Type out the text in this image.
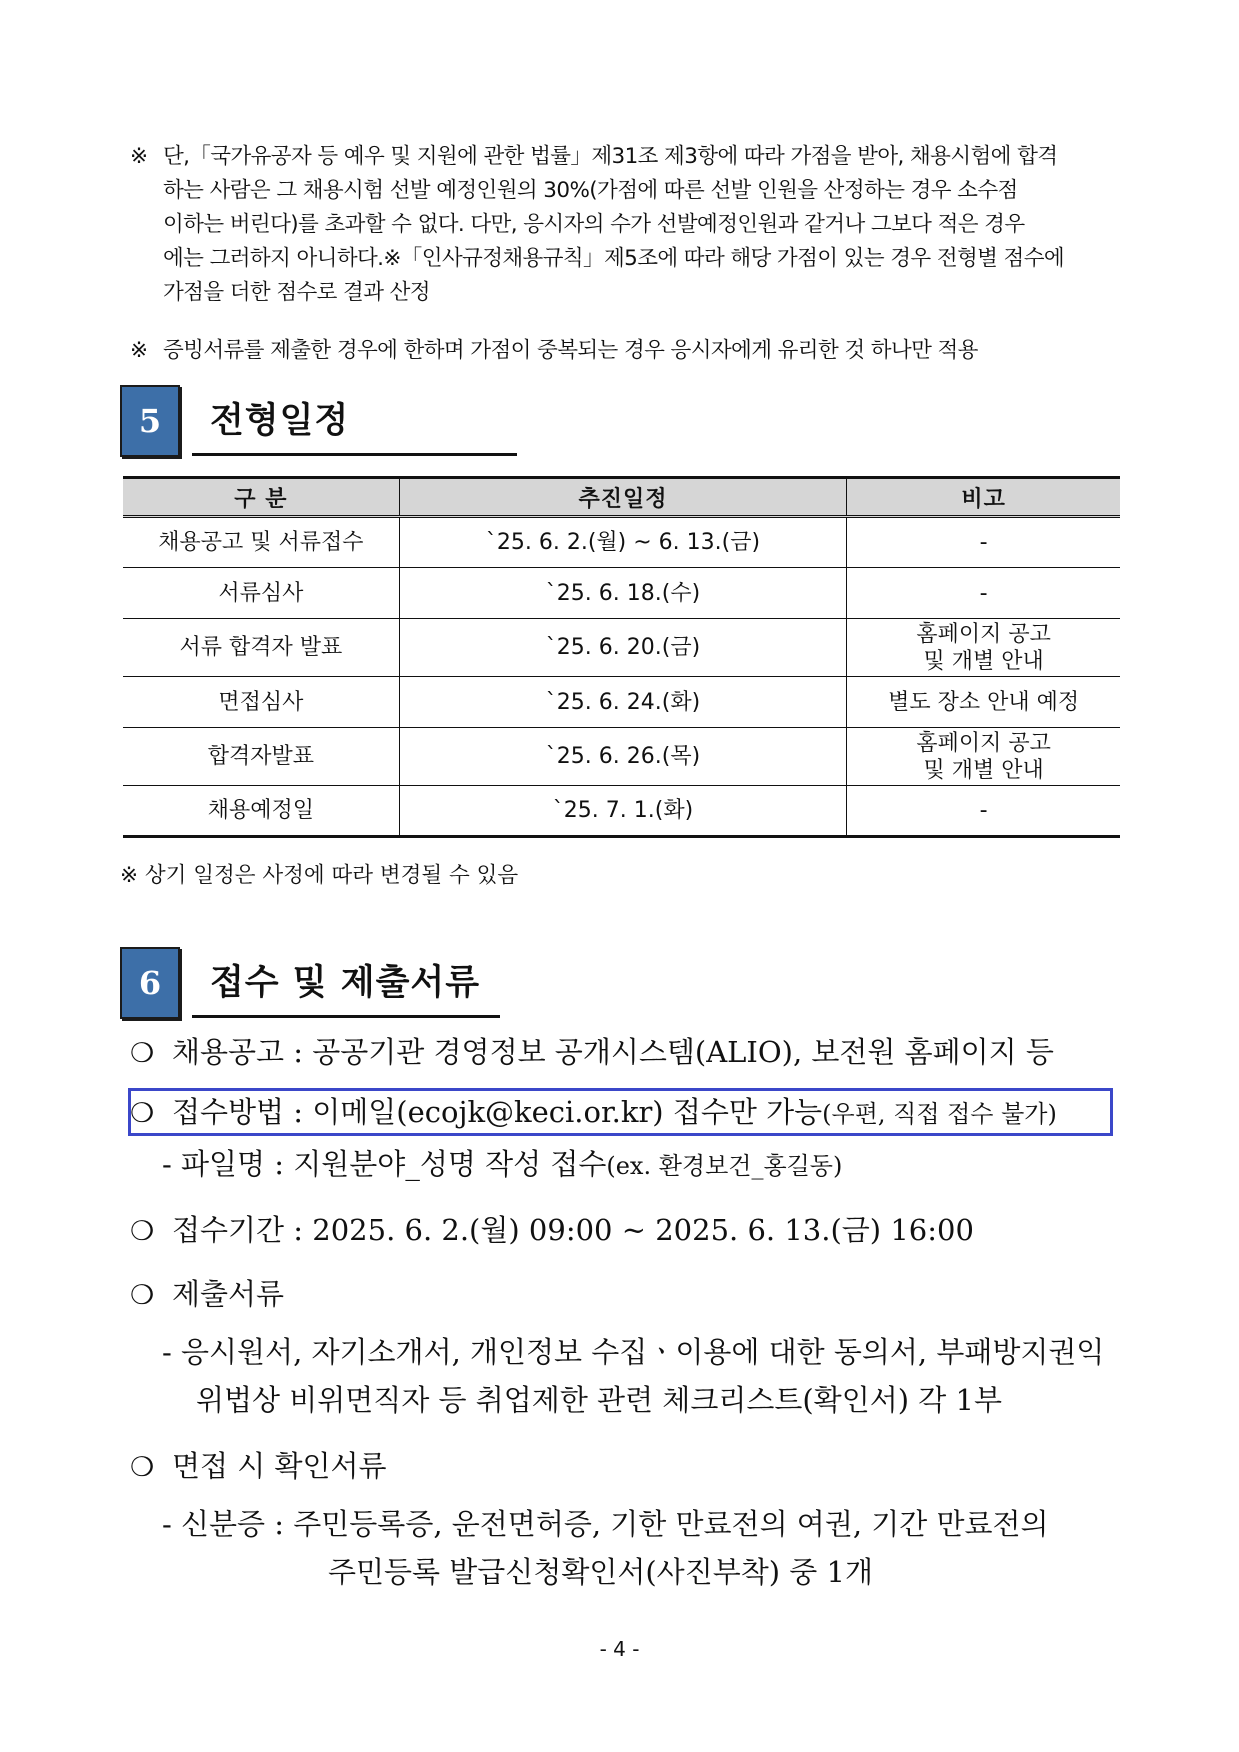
※ 단,「국가유공자 등 예우 및 지원에 관한 법률」제31조 제3항에 따라 가점을 받아, 채용시험에 합격
하는 사람은 그 채용시험 선발 예정인원의 30%(가점에 따른 선발 인원을 산정하는 경우 소수점
이하는 버린다)를 초과할 수 없다. 다만, 응시자의 수가 선발예정인원과 같거나 그보다 적은 경우
에는 그러하지 아니하다.※「인사규정채용규칙」제5조에 따라 해당 가점이 있는 경우 전형별 점수에
가점을 더한 점수로 결과 산정
※ 증빙서류를 제출한 경우에 한하며 가점이 중복되는 경우 응시자에게 유리한 것 하나만 적용
5	전형일정
구 분	추진일정	비고
채용공고 및 서류접수	`25. 6. 2.(월) ~ 6. 13.(금)	-
서류심사	`25. 6. 18.(수)	-
서류 합격자 발표	`25. 6. 20.(금)	홈페이지 공고
및 개별 안내

면접심사	`25. 6. 24.(화)	별도 장소 안내 예정
합격자발표	`25. 6. 26.(목)	홈페이지 공고
및 개별 안내

채용예정일	`25. 7. 1.(화)	-
※ 상기 일정은 사정에 따라 변경될 수 있음
6	접수 및 제출서류
❍ 채용공고 : 공공기관 경영정보 공개시스템(ALIO), 보전원 홈페이지 등
❍ 접수방법 : 이메일(ecojk@keci.or.kr) 접수만 가능(우편, 직접 접수 불가)
- 파일명 : 지원분야_성명 작성 접수(ex. 환경보건_홍길동)
❍ 접수기간 : 2025. 6. 2.(월) 09:00 ~ 2025. 6. 13.(금) 16:00
❍ 제출서류
- 응시원서, 자기소개서, 개인정보 수집ㆍ이용에 대한 동의서, 부패방지권익
위법상 비위면직자 등 취업제한 관련 체크리스트(확인서) 각 1부
❍ 면접 시 확인서류
- 신분증 : 주민등록증, 운전면허증, 기한 만료전의 여권, 기간 만료전의
주민등록 발급신청확인서(사진부착) 중 1개
- 4 -
